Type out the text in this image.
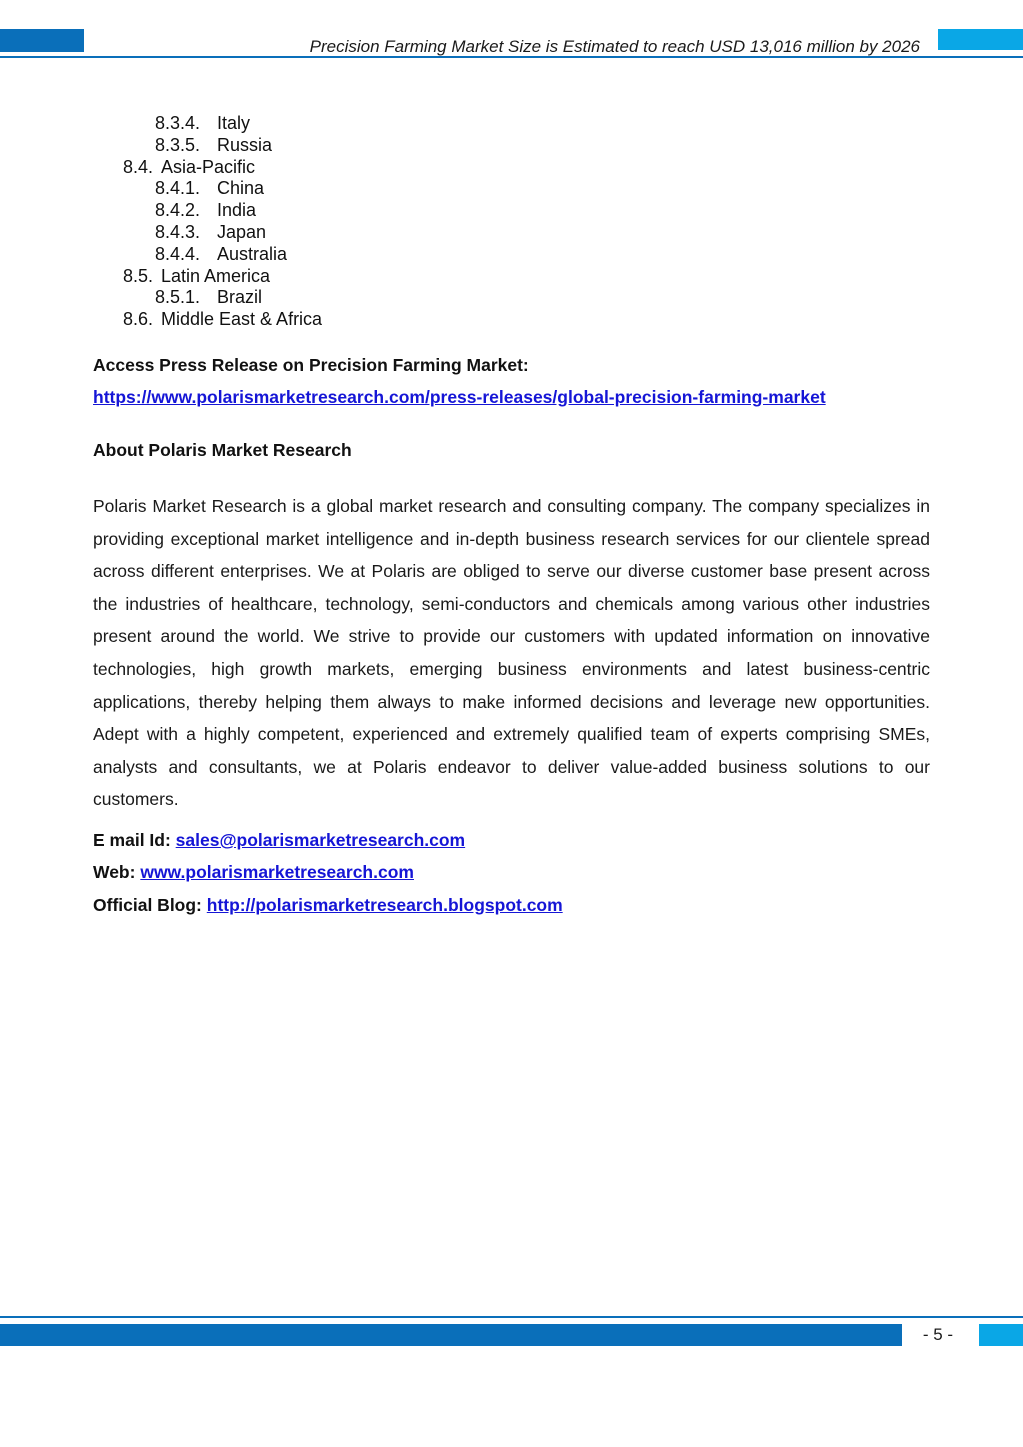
Precision Farming Market Size is Estimated to reach USD 13,016 million by 2026
8.3.4. Italy
8.3.5. Russia
8.4. Asia-Pacific
8.4.1. China
8.4.2. India
8.4.3. Japan
8.4.4. Australia
8.5. Latin America
8.5.1. Brazil
8.6. Middle East & Africa
Access Press Release on Precision Farming Market:
https://www.polarismarketresearch.com/press-releases/global-precision-farming-market
About Polaris Market Research
Polaris Market Research is a global market research and consulting company. The company specializes in providing exceptional market intelligence and in-depth business research services for our clientele spread across different enterprises. We at Polaris are obliged to serve our diverse customer base present across the industries of healthcare, technology, semi-conductors and chemicals among various other industries present around the world. We strive to provide our customers with updated information on innovative technologies, high growth markets, emerging business environments and latest business-centric applications, thereby helping them always to make informed decisions and leverage new opportunities. Adept with a highly competent, experienced and extremely qualified team of experts comprising SMEs, analysts and consultants, we at Polaris endeavor to deliver value-added business solutions to our customers.
E mail Id: sales@polarismarketresearch.com
Web: www.polarismarketresearch.com
Official Blog: http://polarismarketresearch.blogspot.com
- 5 -
